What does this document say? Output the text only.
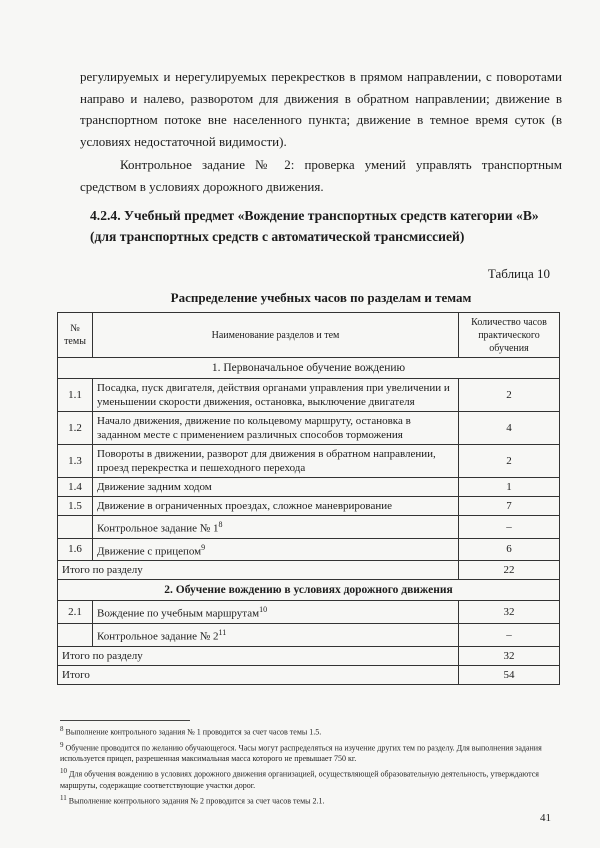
регулируемых и нерегулируемых перекрестков в прямом направлении, с поворотами направо и налево, разворотом для движения в обратном направлении; движение в транспортном потоке вне населенного пункта; движение в темное время суток (в условиях недостаточной видимости).

Контрольное задание № 2: проверка умений управлять транспортным средством в условиях дорожного движения.

4.2.4. Учебный предмет «Вождение транспортных средств категории «В»
(для транспортных средств с автоматической трансмиссией)
Таблица 10
Распределение учебных часов по разделам и темам
№ темы	Наименование разделов и тем	Количество часов практического обучения
1. Первоначальное обучение вождению		
1.1	Посадка, пуск двигателя, действия органами управления при увеличении и уменьшении скорости движения, остановка, выключение двигателя	2
1.2	Начало движения, движение по кольцевому маршруту, остановка в заданном месте с применением различных способов торможения	4
1.3	Повороты в движении, разворот для движения в обратном направлении, проезд перекрестка и пешеходного перехода	2
1.4	Движение задним ходом	1
1.5	Движение в ограниченных проездах, сложное маневрирование	7
	Контрольное задание № $1^8$	–
1.6	Движение с прицепом$^9$	6
Итого по разделу		22
2. Обучение вождению в условиях дорожного движения		
2.1	Вождение по учебным маршрутам$^{10}$	32
	Контрольное задание № $2^{11}$	–
Итого по разделу		32
Итого		54

$^8$ Выполнение контрольного задания № 1 проводится за счет часов темы 1.5.

$^9$ Обучение проводится по желанию обучающегося. Часы могут распределяться на изучение других тем по разделу. Для выполнения задания используется прицеп, разрешенная максимальная масса которого не превышает 750 кг.

$^{10}$ Для обучения вождению в условиях дорожного движения организацией, осуществляющей образовательную деятельность, утверждаются маршруты, содержащие соответствующие участки дорог.

$^{11}$ Выполнение контрольного задания № 2 проводится за счет часов темы 2.1.

41
